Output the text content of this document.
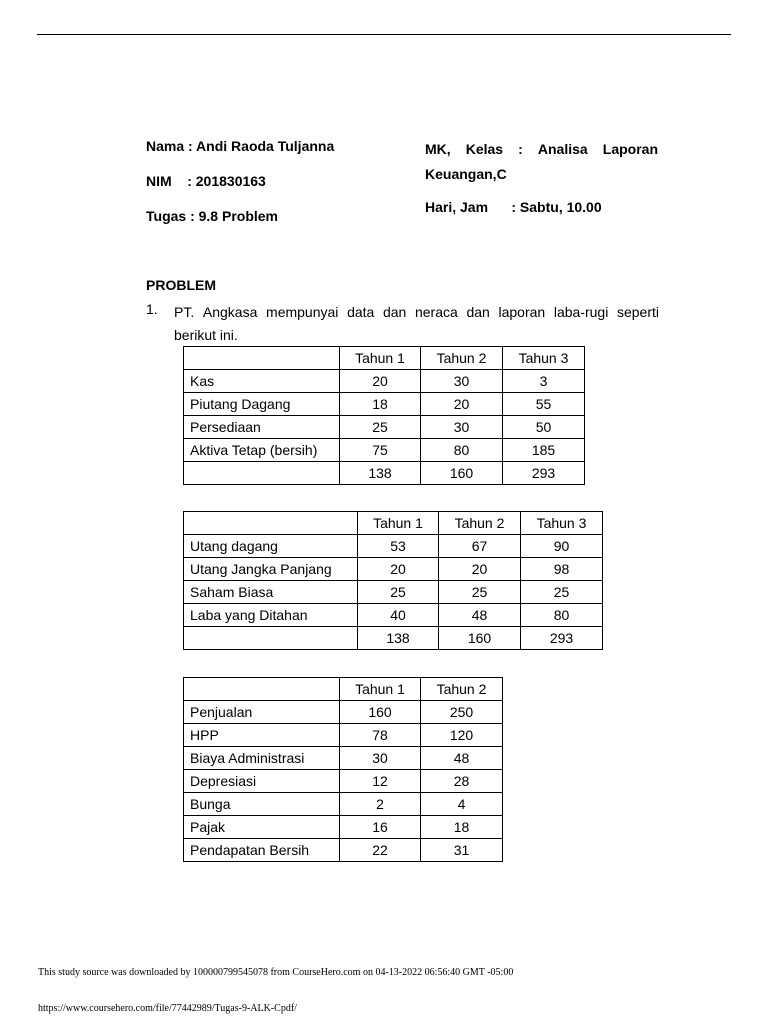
Nama : Andi Raoda Tuljanna
NIM    : 201830163
Tugas : 9.8 Problem
MK, Kelas : Analisa Laporan
Keuangan,C
Hari, Jam      : Sabtu, 10.00
PROBLEM
1. PT. Angkasa mempunyai data dan neraca dan laporan laba-rugi seperti
berikut ini.
	Tahun 1	Tahun 2	Tahun 3
Kas	20	30	3
Piutang Dagang	18	20	55
Persediaan	25	30	50
Aktiva Tetap (bersih)	75	80	185
	138	160	293
	Tahun 1	Tahun 2	Tahun 3
Utang dagang	53	67	90
Utang Jangka Panjang	20	20	98
Saham Biasa	25	25	25
Laba yang Ditahan	40	48	80
	138	160	293
	Tahun 1	Tahun 2
Penjualan	160	250
HPP	78	120
Biaya Administrasi	30	48
Depresiasi	12	28
Bunga	2	4
Pajak	16	18
Pendapatan Bersih	22	31
This study source was downloaded by 100000799545078 from CourseHero.com on 04-13-2022 06:56:40 GMT -05:00
https://www.coursehero.com/file/77442989/Tugas-9-ALK-Cpdf/
